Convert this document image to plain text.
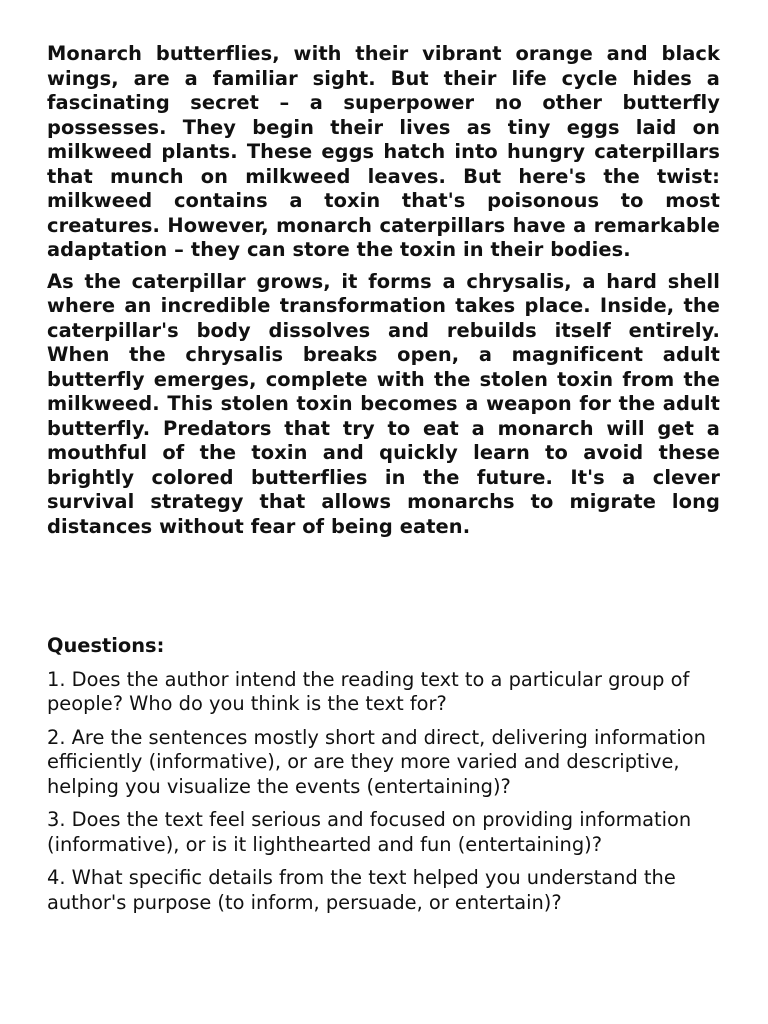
Monarch butterflies, with their vibrant orange and black wings, are a familiar sight. But their life cycle hides a fascinating secret – a superpower no other butterfly possesses. They begin their lives as tiny eggs laid on milkweed plants. These eggs hatch into hungry caterpillars that munch on milkweed leaves. But here's the twist: milkweed contains a toxin that's poisonous to most creatures. However, monarch caterpillars have a remarkable adaptation – they can store the toxin in their bodies.

As the caterpillar grows, it forms a chrysalis, a hard shell where an incredible transformation takes place. Inside, the caterpillar's body dissolves and rebuilds itself entirely. When the chrysalis breaks open, a magnificent adult butterfly emerges, complete with the stolen toxin from the milkweed. This stolen toxin becomes a weapon for the adult butterfly. Predators that try to eat a monarch will get a mouthful of the toxin and quickly learn to avoid these brightly colored butterflies in the future. It's a clever survival strategy that allows monarchs to migrate long distances without fear of being eaten.

Questions:

1. Does the author intend the reading text to a particular group of people? Who do you think is the text for?

2. Are the sentences mostly short and direct, delivering information efficiently (informative), or are they more varied and descriptive, helping you visualize the events (entertaining)?

3. Does the text feel serious and focused on providing information (informative), or is it lighthearted and fun (entertaining)?

4. What specific details from the text helped you understand the author's purpose (to inform, persuade, or entertain)?
